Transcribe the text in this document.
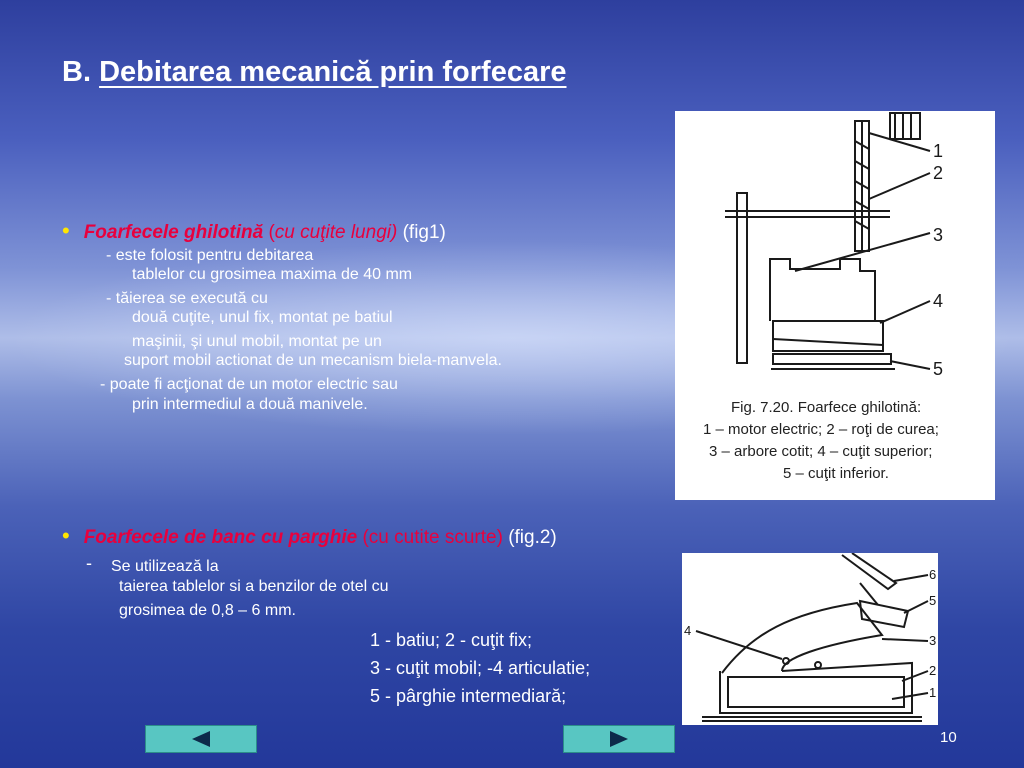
B. Debitarea mecanică prin forfecare
• Foarfecele ghilotină (cu cuţite lungi) (fig1)
- este folosit pentru debitarea
tablelor cu grosimea maxima de 40 mm
- tăierea se execută cu
două cuţite, unul fix, montat pe batiul
maşinii, şi unul mobil, montat pe un
suport mobil actionat de un mecanism biela-manvela.
- poate fi acţionat de un motor electric sau
prin intermediul a două manivele.
1
2
3
4
5
Fig. 7.20. Foarfece ghilotină:
1 – motor electric; 2 – roţi de curea;
3 – arbore cotit; 4 – cuţit superior;
5 – cuţit inferior.
• Foarfecele de banc cu parghie (cu cutite scurte) (fig.2)
- Se utilizează la
taierea tablelor si a benzilor de otel cu
grosimea de 0,8 – 6 mm.
1 - batiu; 2 - cuţit fix;
3 - cuţit mobil; -4 articulatie;
5 - pârghie intermediară;
6
5
4
3
2
1
10
